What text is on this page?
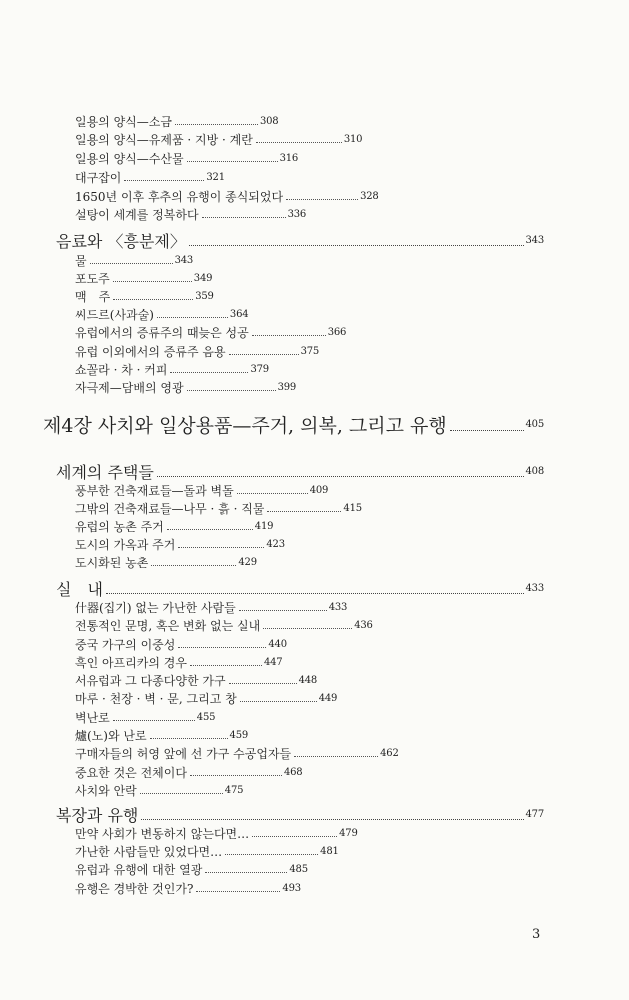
일용의 양식—소금	308
일용의 양식—유제품 · 지방 · 계란	310
일용의 양식—수산물	316
대구잡이	321
1650년 이후 후추의 유행이 종식되었다	328
설탕이 세계를 정복하다	336
음료와 〈흥분제〉	343
물	343
포도주	349
맥　주	359
씨드르(사과술)	364
유럽에서의 증류주의 때늦은 성공	366
유럽 이외에서의 증류주 음용	375
쇼꼴라 · 차 · 커피	379
자극제—담배의 영광	399
제4장 사치와 일상용품—주거, 의복, 그리고 유행	405
세계의 주택들	408
풍부한 건축재료들—돌과 벽돌	409
그밖의 건축재료들—나무 · 흙 · 직물	415
유럽의 농촌 주거	419
도시의 가옥과 주거	423
도시화된 농촌	429
실　내	433
什器(집기) 없는 가난한 사람들	433
전통적인 문명, 혹은 변화 없는 실내	436
중국 가구의 이중성	440
흑인 아프리카의 경우	447
서유럽과 그 다종다양한 가구	448
마루 · 천장 · 벽 · 문, 그리고 창	449
벽난로	455
爐(노)와 난로	459
구매자들의 허영 앞에 선 가구 수공업자들	462
중요한 것은 전체이다	468
사치와 안락	475
복장과 유행	477
만약 사회가 변동하지 않는다면…	479
가난한 사람들만 있었다면…	481
유럽과 유행에 대한 열광	485
유행은 경박한 것인가?	493
3
